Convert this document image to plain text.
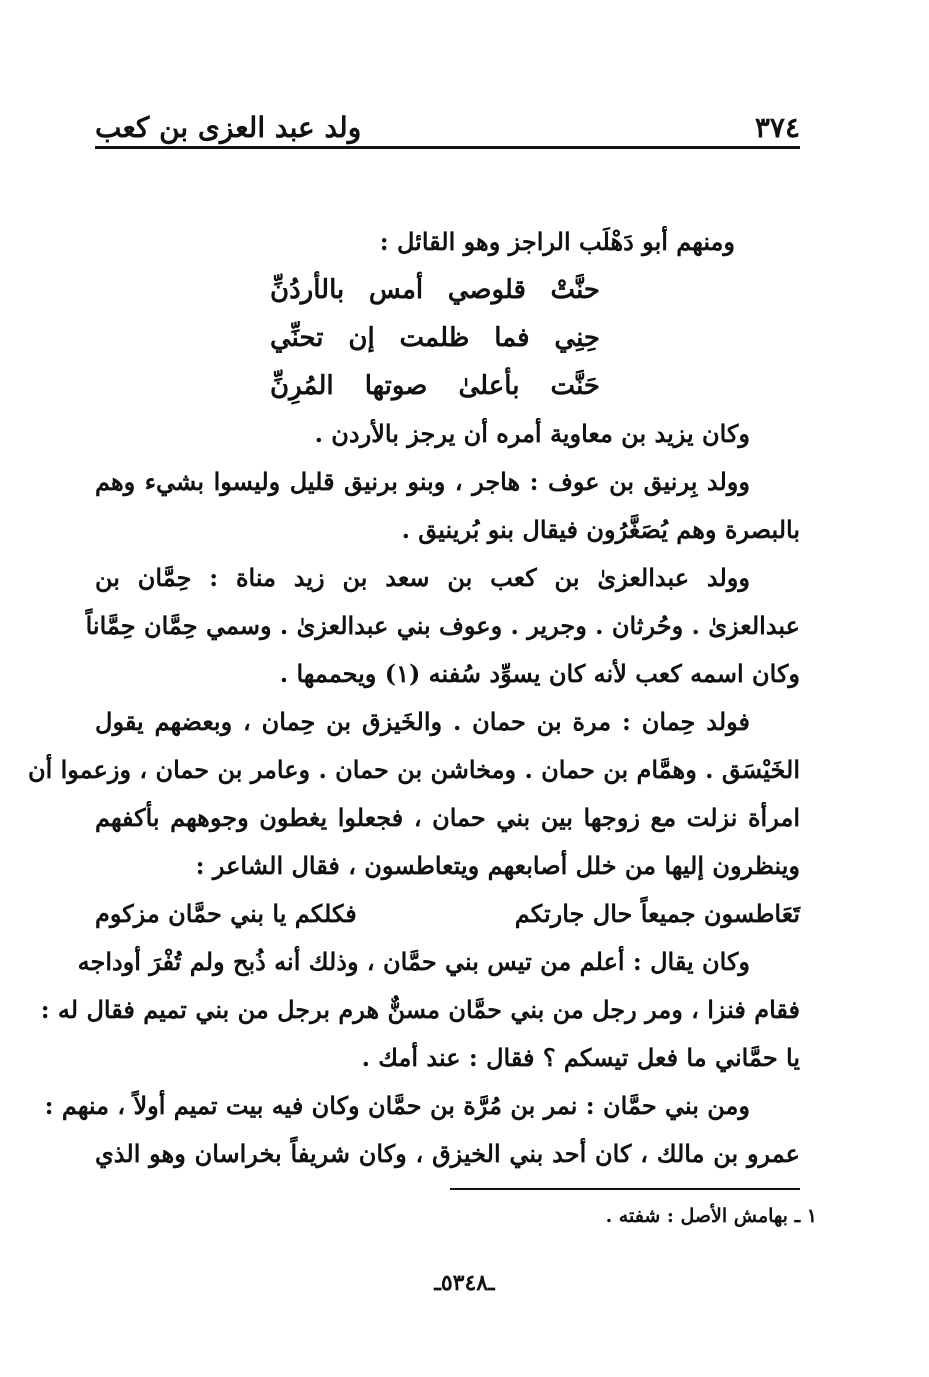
٣٧٤
ولد عبد العزى بن كعب
ومنهم أبو دَهْلَب الراجز وهو القائل :
حنَّتْ قلوصي أمس بالأردُنِّ
حِنِي فما ظلمت إن تحنِّي
حَنَّت بأعلىٰ صوتها المُرِنِّ
وكان يزيد بن معاوية أمره أن يرجز بالأردن .
وولد بِرنيق بن عوف : هاجر ، وبنو برنيق قليل وليسوا بشيء وهم
بالبصرة وهم يُصَغَّرُون فيقال بنو بُرينيق .
وولد عبدالعزىٰ بن كعب بن سعد بن زيد مناة : حِمَّان بن
عبدالعزىٰ . وحُرثان . وجرير . وعوف بني عبدالعزىٰ . وسمي حِمَّان حِمَّاناً
وكان اسمه كعب لأنه كان يسوِّد سُفنه (١) ويحممها .
فولد حِمان : مرة بن حمان . والخَيزق بن حِمان ، وبعضهم يقول
الخَيْسَق . وهمَّام بن حمان . ومخاشن بن حمان . وعامر بن حمان ، وزعموا أن
امرأة نزلت مع زوجها بين بني حمان ، فجعلوا يغطون وجوههم بأكفهم
وينظرون إليها من خلل أصابعهم ويتعاطسون ، فقال الشاعر :
تَعَاطسون جميعاً حال جارتكم
فكلكم يا بني حمَّان مزكوم
وكان يقال : أعلم من تيس بني حمَّان ، وذلك أنه ذُبح ولم تُفْرَ أوداجه
فقام فنزا ، ومر رجل من بني حمَّان مسنٌّ هرم برجل من بني تميم فقال له :
يا حمَّاني ما فعل تيسكم ؟ فقال : عند أمك .
ومن بني حمَّان : نمر بن مُرَّة بن حمَّان وكان فيه بيت تميم أولاً ، منهم :
عمرو بن مالك ، كان أحد بني الخيزق ، وكان شريفاً بخراسان وهو الذي
١ ـ بهامش الأصل : شفته .
ـ٥٣٤٨ـ
